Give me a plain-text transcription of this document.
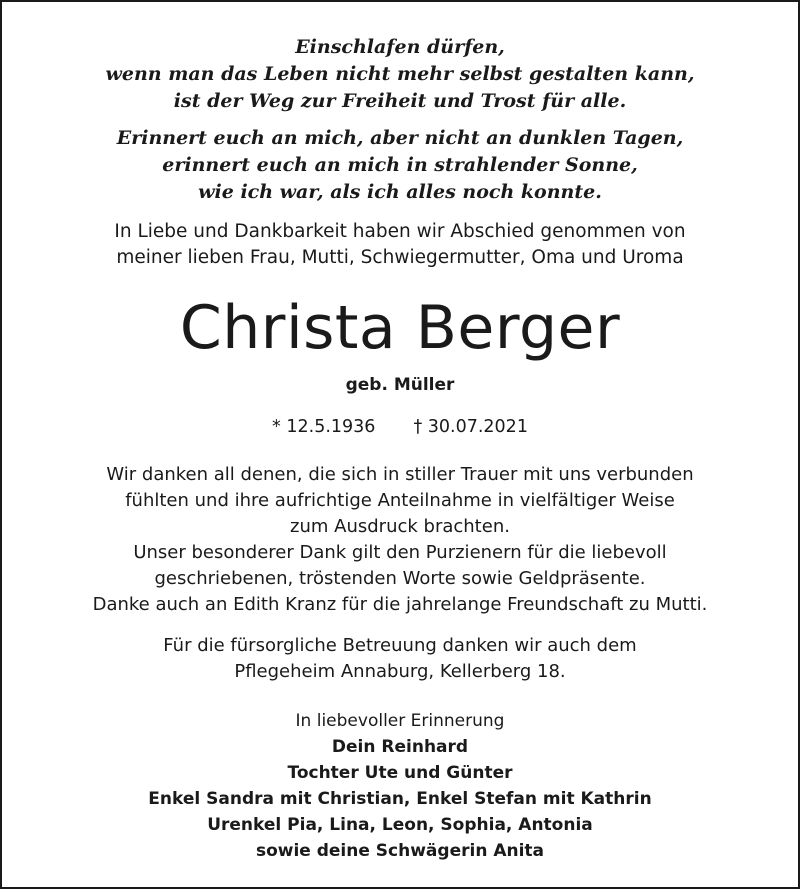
Einschlafen dürfen,
wenn man das Leben nicht mehr selbst gestalten kann,
ist der Weg zur Freiheit und Trost für alle.
Erinnert euch an mich, aber nicht an dunklen Tagen,
erinnert euch an mich in strahlender Sonne,
wie ich war, als ich alles noch konnte.
In Liebe und Dankbarkeit haben wir Abschied genommen von
meiner lieben Frau, Mutti, Schwiegermutter, Oma und Uroma
Christa Berger
geb. Müller
* 12.5.1936 † 30.07.2021
Wir danken all denen, die sich in stiller Trauer mit uns verbunden
fühlten und ihre aufrichtige Anteilnahme in vielfältiger Weise
zum Ausdruck brachten.
Unser besonderer Dank gilt den Purzienern für die liebevoll
geschriebenen, tröstenden Worte sowie Geldpräsente.
Danke auch an Edith Kranz für die jahrelange Freundschaft zu Mutti.
Für die fürsorgliche Betreuung danken wir auch dem
Pflegeheim Annaburg, Kellerberg 18.
In liebevoller Erinnerung
Dein Reinhard
Tochter Ute und Günter
Enkel Sandra mit Christian, Enkel Stefan mit Kathrin
Urenkel Pia, Lina, Leon, Sophia, Antonia
sowie deine Schwägerin Anita
